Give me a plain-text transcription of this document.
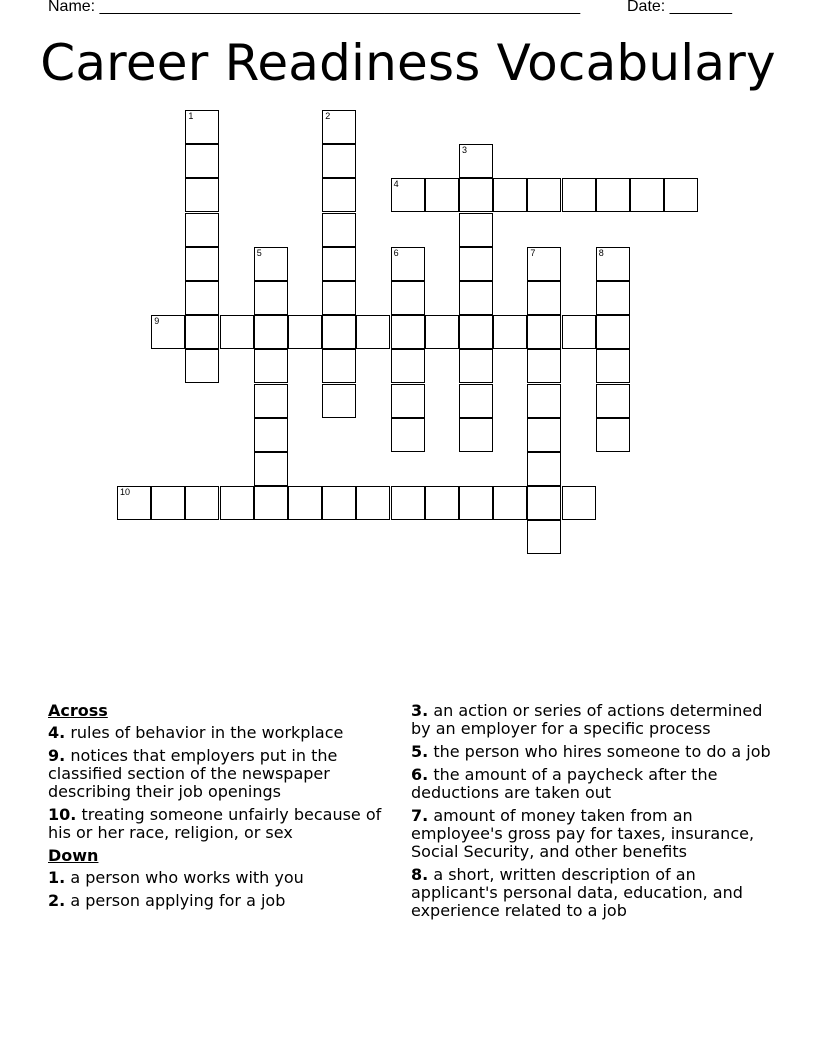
Name: ______________________________________________________	Date: _______
Career Readiness Vocabulary
1	2
3
4
5	6	7	8
9
10
Across
4. rules of behavior in the workplace
9. notices that employers put in the classified section of the newspaper describing their job openings
10. treating someone unfairly because of his or her race, religion, or sex
Down
1. a person who works with you
2. a person applying for a job
3. an action or series of actions determined by an employer for a specific process
5. the person who hires someone to do a job
6. the amount of a paycheck after the deductions are taken out
7. amount of money taken from an employee's gross pay for taxes, insurance, Social Security, and other benefits
8. a short, written description of an applicant's personal data, education, and experience related to a job
